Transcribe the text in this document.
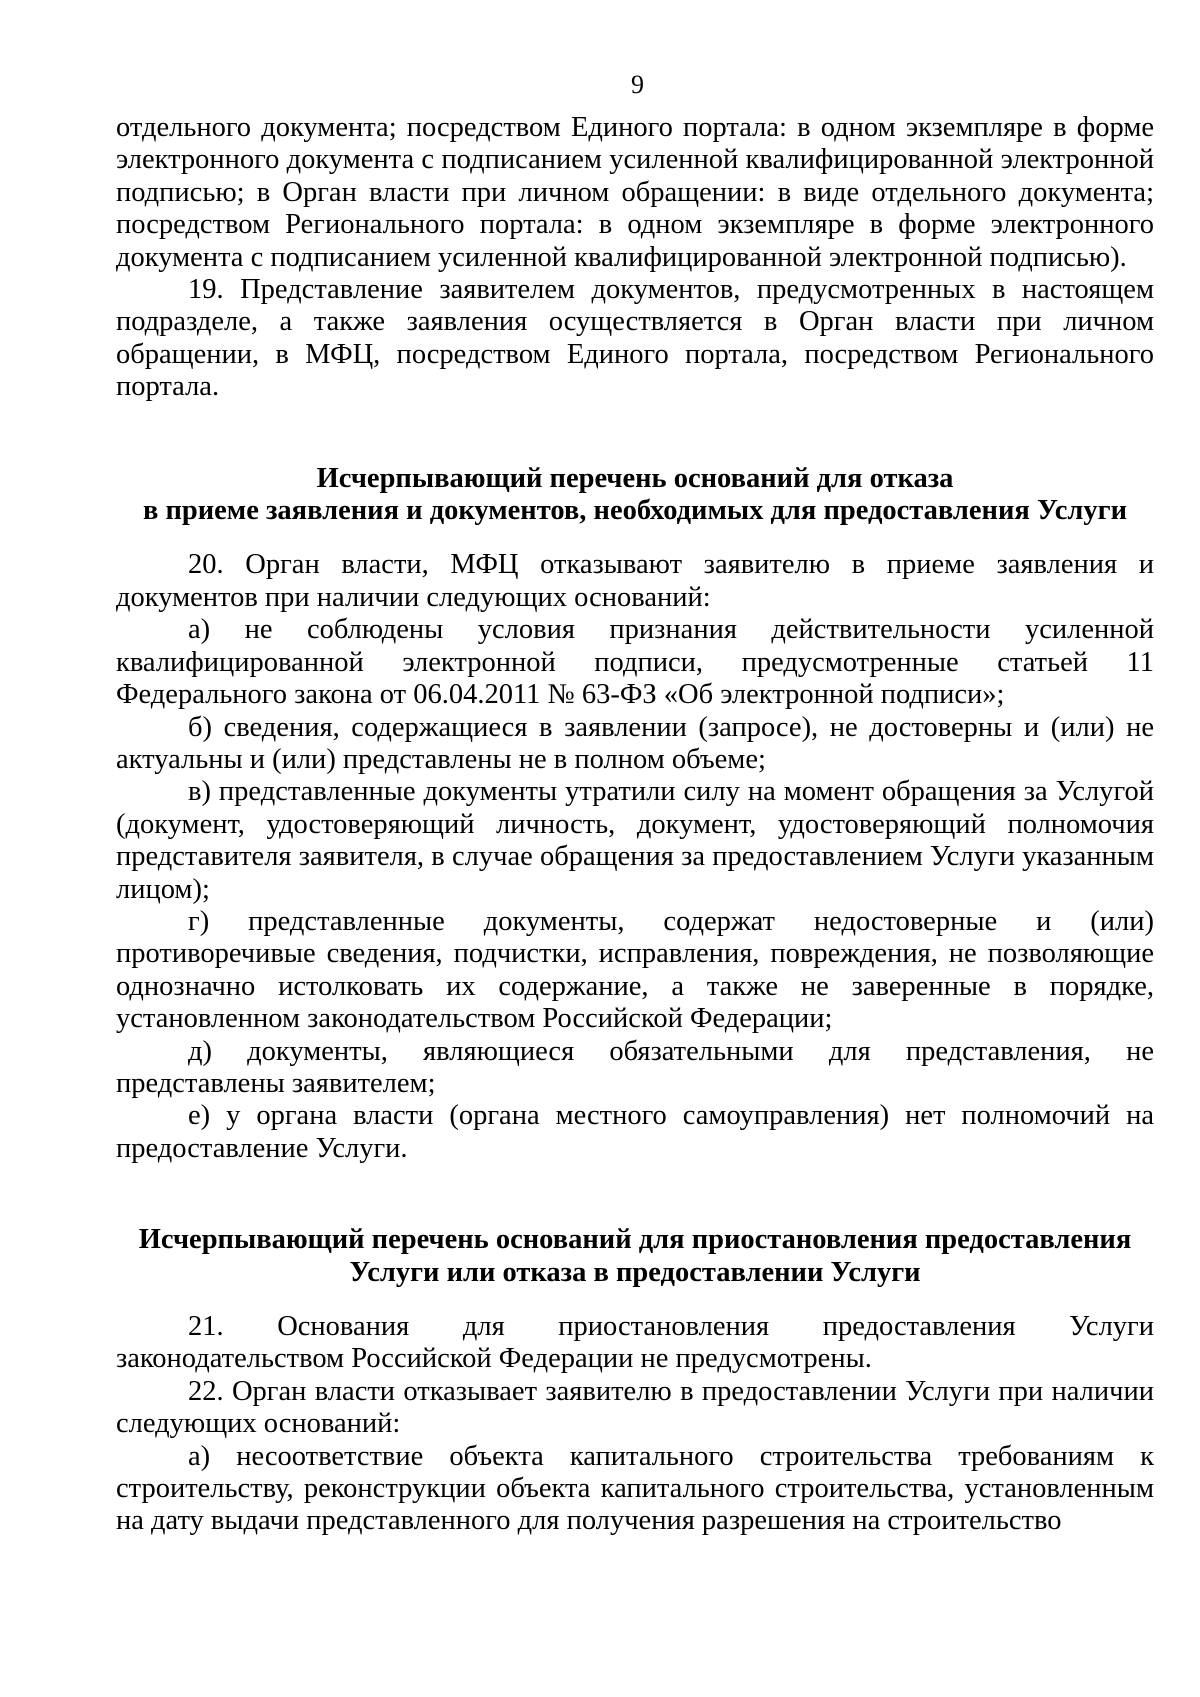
9

отдельного документа; посредством Единого портала: в одном экземпляре в форме электронного документа с подписанием усиленной квалифицированной электронной подписью; в Орган власти при личном обращении: в виде отдельного документа; посредством Регионального портала: в одном экземпляре в форме электронного документа с подписанием усиленной квалифицированной электронной подписью).

19. Представление заявителем документов, предусмотренных в настоящем подразделе, а также заявления осуществляется в Орган власти при личном обращении, в МФЦ, посредством Единого портала, посредством Регионального портала.

Исчерпывающий перечень оснований для отказа
в приеме заявления и документов, необходимых для предоставления Услуги

20. Орган власти, МФЦ отказывают заявителю в приеме заявления и документов при наличии следующих оснований:

а) не соблюдены условия признания действительности усиленной квалифицированной электронной подписи, предусмотренные статьей 11 Федерального закона от 06.04.2011 № 63-ФЗ «Об электронной подписи»;

б) сведения, содержащиеся в заявлении (запросе), не достоверны и (или) не актуальны и (или) представлены не в полном объеме;

в) представленные документы утратили силу на момент обращения за Услугой (документ, удостоверяющий личность, документ, удостоверяющий полномочия представителя заявителя, в случае обращения за предоставлением Услуги указанным лицом);

г) представленные документы, содержат недостоверные и (или) противоречивые сведения, подчистки, исправления, повреждения, не позволяющие однозначно истолковать их содержание, а также не заверенные в порядке, установленном законодательством Российской Федерации;

д) документы, являющиеся обязательными для представления, не представлены заявителем;

е) у органа власти (органа местного самоуправления) нет полномочий на предоставление Услуги.

Исчерпывающий перечень оснований для приостановления предоставления
Услуги или отказа в предоставлении Услуги

21. Основания для приостановления предоставления Услуги законодательством Российской Федерации не предусмотрены.

22. Орган власти отказывает заявителю в предоставлении Услуги при наличии следующих оснований:

а) несоответствие объекта капитального строительства требованиям к строительству, реконструкции объекта капитального строительства, установленным на дату выдачи представленного для получения разрешения на строительство
